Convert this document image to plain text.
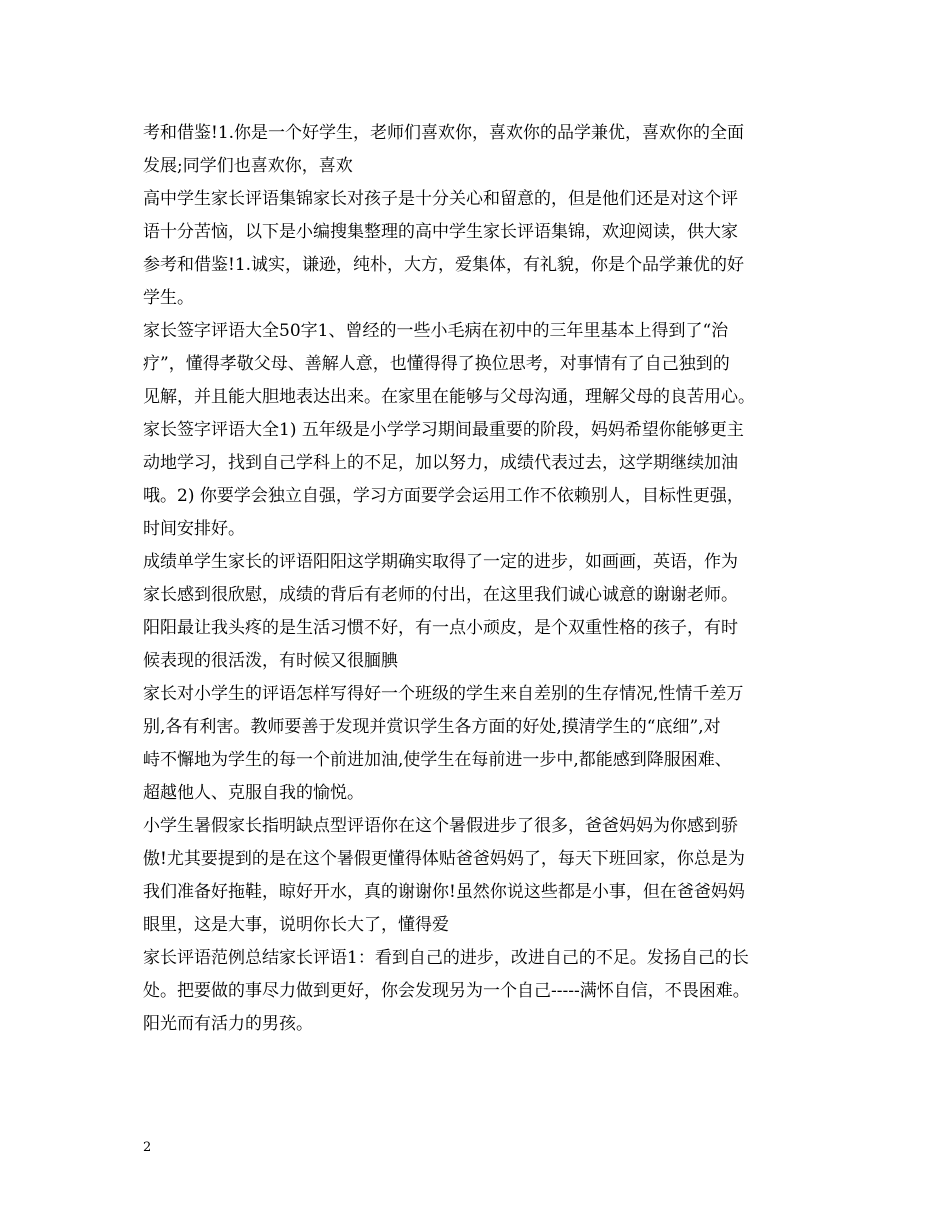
考和借鉴!1.你是一个好学生，老师们喜欢你，喜欢你的品学兼优，喜欢你的全面
发展;同学们也喜欢你，喜欢
高中学生家长评语集锦家长对孩子是十分关心和留意的，但是他们还是对这个评
语十分苦恼，以下是小编搜集整理的高中学生家长评语集锦，欢迎阅读，供大家
参考和借鉴!1.诚实，谦逊，纯朴，大方，爱集体，有礼貌，你是个品学兼优的好
学生。
家长签字评语大全50字1、曾经的一些小毛病在初中的三年里基本上得到了“治
疗”，懂得孝敬父母、善解人意，也懂得得了换位思考，对事情有了自己独到的
见解，并且能大胆地表达出来。在家里在能够与父母沟通，理解父母的良苦用心。
家长签字评语大全1) 五年级是小学学习期间最重要的阶段，妈妈希望你能够更主
动地学习，找到自己学科上的不足，加以努力，成绩代表过去，这学期继续加油
哦。2) 你要学会独立自强，学习方面要学会运用工作不依赖别人，目标性更强，
时间安排好。
成绩单学生家长的评语阳阳这学期确实取得了一定的进步，如画画，英语，作为
家长感到很欣慰，成绩的背后有老师的付出，在这里我们诚心诚意的谢谢老师。
阳阳最让我头疼的是生活习惯不好，有一点小顽皮，是个双重性格的孩子，有时
候表现的很活泼，有时候又很腼腆
家长对小学生的评语怎样写得好一个班级的学生来自差别的生存情况,性情千差万
别,各有利害。教师要善于发现并赏识学生各方面的好处,摸清学生的“底细”,对
峙不懈地为学生的每一个前进加油,使学生在每前进一步中,都能感到降服困难、
超越他人、克服自我的愉悦。
小学生暑假家长指明缺点型评语你在这个暑假进步了很多，爸爸妈妈为你感到骄
傲!尤其要提到的是在这个暑假更懂得体贴爸爸妈妈了，每天下班回家，你总是为
我们准备好拖鞋，晾好开水，真的谢谢你!虽然你说这些都是小事，但在爸爸妈妈
眼里，这是大事，说明你长大了，懂得爱
家长评语范例总结家长评语1：看到自己的进步，改进自己的不足。发扬自己的长
处。把要做的事尽力做到更好，你会发现另为一个自己-----满怀自信，不畏困难。
阳光而有活力的男孩。
2
